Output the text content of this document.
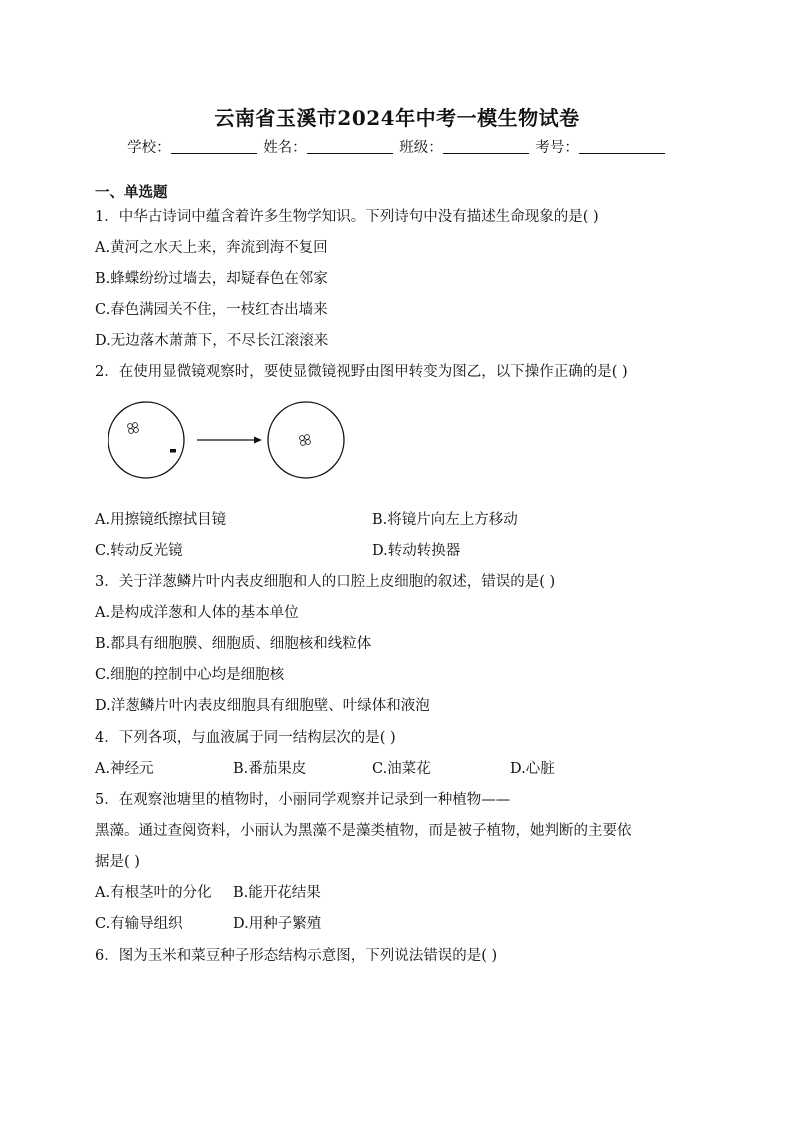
云南省玉溪市2024年中考一模生物试卷
学校：	姓名：	班级：	考号：
一、单选题
1．中华古诗词中蕴含着许多生物学知识。下列诗句中没有描述生命现象的是( )
A.黄河之水天上来，奔流到海不复回
B.蜂蝶纷纷过墙去，却疑春色在邻家
C.春色满园关不住，一枝红杏出墙来
D.无边落木萧萧下，不尽长江滚滚来
2．在使用显微镜观察时，要使显微镜视野由图甲转变为图乙，以下操作正确的是( )
A.用擦镜纸擦拭目镜	B.将镜片向左上方移动
C.转动反光镜	D.转动转换器
3．关于洋葱鳞片叶内表皮细胞和人的口腔上皮细胞的叙述，错误的是( )
A.是构成洋葱和人体的基本单位
B.都具有细胞膜、细胞质、细胞核和线粒体
C.细胞的控制中心均是细胞核
D.洋葱鳞片叶内表皮细胞具有细胞壁、叶绿体和液泡
4．下列各项，与血液属于同一结构层次的是( )
A.神经元	B.番茄果皮	C.油菜花	D.心脏
5．在观察池塘里的植物时，小丽同学观察并记录到一种植物——
黑藻。通过查阅资料，小丽认为黑藻不是藻类植物，而是被子植物，她判断的主要依
据是( )
A.有根茎叶的分化 B.能开花结果
C.有输导组织	D.用种子繁殖
6．图为玉米和菜豆种子形态结构示意图，下列说法错误的是( )
